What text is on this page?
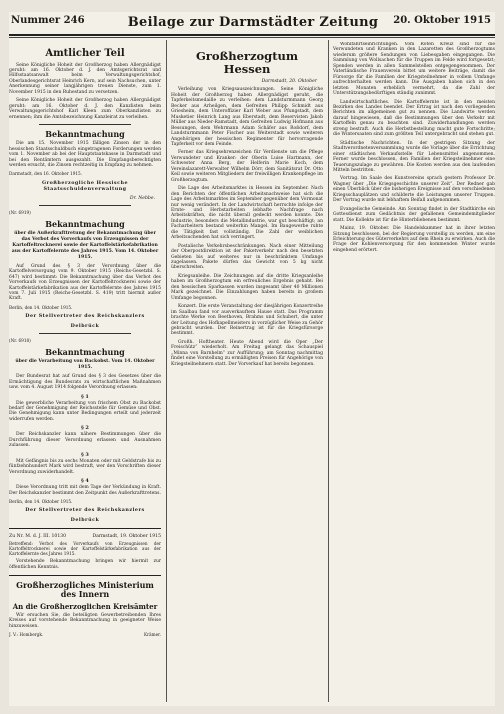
Nummer 246	Beilage zur Darmstädter Zeitung	20. Oktober 1915

Amtlicher Teil

Seine Königliche Hoheit der Großherzog haben Allergnädigst geruht: am 16. Oktober d. J. den Amtsgerichtsrat und Hilfsstaatsanwalt beim Verwaltungsgerichtshof, Oberlandesgerichtsrat Heinrich Kern, auf sein Nachsuchen, unter Anerkennung seiner langjährigen treuen Dienste, zum 1. November 1915 in den Ruhestand zu versetzen.

Seine Königliche Hoheit der Großherzog haben Allergnädigst geruht: am 16. Oktober d. J. den Kanzlisten beim Verwaltungsgerichtshof Karl Kleen zum Oberkanzlisten zu ernennen; ihm die Amtsbezeichnung Kanzleirat zu verleihen.

Bekanntmachung

Die am 15. November 1915 fälligen Zinsen der in den hessischen Staatsschuldbuch eingetragenen Forderungen werden vom 1. November ab bei der Hauptstaatskasse in Darmstadt und bei den Rentämtern ausgezahlt. Die Empfangsberechtigten werden ersucht, die Zinsen rechtzeitig in Empfang zu nehmen.

Darmstadt, den 16. Oktober 1915.

Großherzogliche Hessische Staatsschuldenverwaltung

Dr. Nebbe.

(Nr. 6919)

Bekanntmachung

über die Außerkrafttretung der Bekanntmachung über das Verbot des Vorverkaufs von Erzeugnissen der Kartoffeltrocknerei sowie der Kartoffelstärkefabrikation aus der Kartoffelernte des Jahres 1915. Vom 14. Oktober 1915.

Auf Grund des § 3 der Verordnung über die Kartoffelversorgung vom 9. Oktober 1915 (Reichs-Gesetzbl. S. 647) wird bestimmt: Die Bekanntmachung über das Verbot des Vorverkaufs von Erzeugnissen der Kartoffeltrocknerei sowie der Kartoffelstärkefabrikation aus der Kartoffelernte des Jahres 1915 vom 7. Juli 1915 (Reichs-Gesetzbl. S. 419) tritt hiermit außer Kraft.

Berlin, den 14. Oktober 1915.

Der Stellvertreter des Reichskanzlers

Delbrück

(Nr. 6918)

Bekanntmachung

über die Verarbeitung von Backobst. Vom 14. Oktober 1915.

Der Bundesrat hat auf Grund des § 3 des Gesetzes über die Ermächtigung des Bundesrats zu wirtschaftlichen Maßnahmen usw. vom 4. August 1914 folgende Verordnung erlassen:

§ 1

Die gewerbliche Verarbeitung von frischem Obst zu Backobst bedarf der Genehmigung der Reichsstelle für Gemüse und Obst. Die Genehmigung kann unter Bedingungen erteilt und jederzeit widerrufen werden.

§ 2

Der Reichskanzler kann nähere Bestimmungen über die Durchführung dieser Verordnung erlassen und Ausnahmen zulassen.

§ 3

Mit Gefängnis bis zu sechs Monaten oder mit Geldstrafe bis zu fünfzehnhundert Mark wird bestraft, wer den Vorschriften dieser Verordnung zuwiderhandelt.

§ 4

Diese Verordnung tritt mit dem Tage der Verkündung in Kraft. Der Reichskanzler bestimmt den Zeitpunkt des Außerkrafttretens.

Berlin, den 14. Oktober 1915.

Der Stellvertreter des Reichskanzlers

Delbrück

Zu Nr. M. d. J. III. 10130	Darmstadt, 19. Oktober 1915

Betreffend: Verbot des Vorverkaufs von Erzeugnissen der Kartoffeltrocknerei sowie der Kartoffelstärkefabrikation aus der Kartoffelernte des Jahres 1915.

Vorstehende Bekanntmachung bringen wir hiermit zur öffentlichen Kenntnis.

Großherzogliches Ministerium des Innern

An die Großherzoglichen Kreisämter

Wir ersuchen Sie, die beteiligten Gewerbetreibenden Ihres Kreises auf vorstehende Bekanntmachung in geeigneter Weise hinzuweisen.

J. V.: Hombergk.	Krämer.

Großherzogtum Hessen

Darmstadt, 20. Oktober

Verleihung von Kriegsauszeichnungen. Seine Königliche Hoheit der Großherzog haben Allergnädigst geruht, die Tapferkeitsmedaille zu verleihen: dem Landsturmmann Georg Becker aus Arheilgen, dem Gefreiten Philipp Schmidt aus Griesheim, dem Unteroffizier Karl Weber aus Pfungstadt, dem Musketier Heinrich Lang aus Eberstadt, dem Reservisten Jakob Müller aus Nieder-Ramstadt, dem Gefreiten Ludwig Hofmann aus Bessungen, dem Wehrmann Adam Schäfer aus Roßdorf, dem Landsturmmann Peter Fischer aus Weiterstadt sowie weiteren Angehörigen der hessischen Regimenter für hervorragende Tapferkeit vor dem Feinde.

Ferner das Kriegsehrenzeichen für Verdienste um die Pflege Verwundeter und Kranker: der Oberin Luise Hartmann, der Schwester Anna Berg, der Helferin Marie Koch, dem Vereinslazarett-Verwalter Wilhelm Dörr, dem Sanitätsrat Dr. Otto Keil sowie weiteren Mitgliedern der freiwilligen Krankenpflege im Großherzogtum.

Die Lage des Arbeitsmarktes in Hessen im September. Nach den Berichten der öffentlichen Arbeitsnachweise hat sich die Lage des Arbeitsmarktes im September gegenüber dem Vormonat nur wenig verändert. In der Landwirtschaft herrschte infolge der Ernte- und Herbstarbeiten lebhafte Nachfrage nach Arbeitskräften, die nicht überall gedeckt werden konnte. Die Industrie, besonders die Metallindustrie, war gut beschäftigt; an Facharbeitern bestand weiterhin Mangel. Im Baugewerbe ruhte die Tätigkeit fast vollständig. Die Zahl der weiblichen Arbeitsuchenden hat sich verringert.

Postalische Verkehrsbeschränkungen. Nach einer Mitteilung der Oberpostdirektion ist der Paketverkehr nach den besetzten Gebieten bis auf weiteres nur in beschränktem Umfange zugelassen. Pakete dürfen das Gewicht von 5 kg nicht überschreiten.

Kriegsanleihe. Die Zeichnungen auf die dritte Kriegsanleihe haben im Großherzogtum ein erfreuliches Ergebnis gehabt. Bei den hessischen Sparkassen wurden insgesamt über 40 Millionen Mark gezeichnet. Die Einzahlungen haben bereits in großem Umfange begonnen.

Konzert. Die erste Veranstaltung der diesjährigen Konzertreihe im Saalbau fand vor ausverkauftem Hause statt. Das Programm brachte Werke von Beethoven, Brahms und Schubert, die unter der Leitung des Hofkapellmeisters in vorzüglicher Weise zu Gehör gebracht wurden. Der Reinertrag ist für die Kriegsfürsorge bestimmt.

Großh. Hoftheater. Heute Abend wird die Oper „Der Freischütz“ wiederholt. Am Freitag gelangt das Schauspiel „Minna von Barnhelm“ zur Aufführung; am Sonntag nachmittag findet eine Vorstellung zu ermäßigten Preisen für Angehörige von Kriegsteilnehmern statt. Der Vorverkauf hat bereits begonnen.

Wohlfahrtseinrichtungen. Vom Roten Kreuz sind für die Verwundeten und Kranken in den Lazaretten des Großherzogtums wiederum größere Sendungen von Liebesgaben eingegangen. Die Sammlung von Wollsachen für die Truppen im Felde wird fortgesetzt; Spenden werden in allen Sammelstellen entgegengenommen. Der Vaterländische Frauenverein bittet um weitere Beiträge, damit die Fürsorge für die Familien der Kriegsteilnehmer in vollem Umfange aufrechterhalten werden kann. Die Ausgaben haben sich in den letzten Monaten erheblich vermehrt, da die Zahl der Unterstützungsbedürftigen ständig zunimmt.

Landwirtschaftliches. Die Kartoffelernte ist in den meisten Bezirken des Landes beendet. Der Ertrag ist nach den vorliegenden Berichten im allgemeinen gut zu nennen. Die Landwirte werden darauf hingewiesen, daß die Bestimmungen über den Verkehr mit Kartoffeln genau zu beachten sind. Zuwiderhandlungen werden streng bestraft. Auch die Herbstbestellung macht gute Fortschritte; die Wintersaaten sind zum größten Teil untergebracht und stehen gut.

Städtische Nachrichten. In der gestrigen Sitzung der Stadtverordnetenversammlung wurde die Vorlage über die Errichtung einer städtischen Verkaufsstelle für Lebensmittel angenommen. Ferner wurde beschlossen, den Familien der Kriegsteilnehmer eine Teuerungszulage zu gewähren. Die Kosten werden aus den laufenden Mitteln bestritten.

Vortrag. Im Saale des Kunstvereins sprach gestern Professor Dr. Wagner über „Die Kriegsgeschichte unserer Zeit“. Der Redner gab einen Überblick über die bisherigen Ereignisse auf den verschiedenen Kriegsschauplätzen und schilderte die Leistungen unserer Truppen. Der Vortrag wurde mit lebhaftem Beifall aufgenommen.

Evangelische Gemeinde. Am Sonntag findet in der Stadtkirche ein Gottesdienst zum Gedächtnis der gefallenen Gemeindemitglieder statt. Die Kollekte ist für die Hinterbliebenen bestimmt.

Mainz, 19. Oktober. Die Handelskammer hat in ihrer letzten Sitzung beschlossen, bei der Regierung vorstellig zu werden, um eine Erleichterung des Güterverkehrs auf dem Rhein zu erwirken. Auch die Frage der Kohlenversorgung für den kommenden Winter wurde eingehend erörtert.
